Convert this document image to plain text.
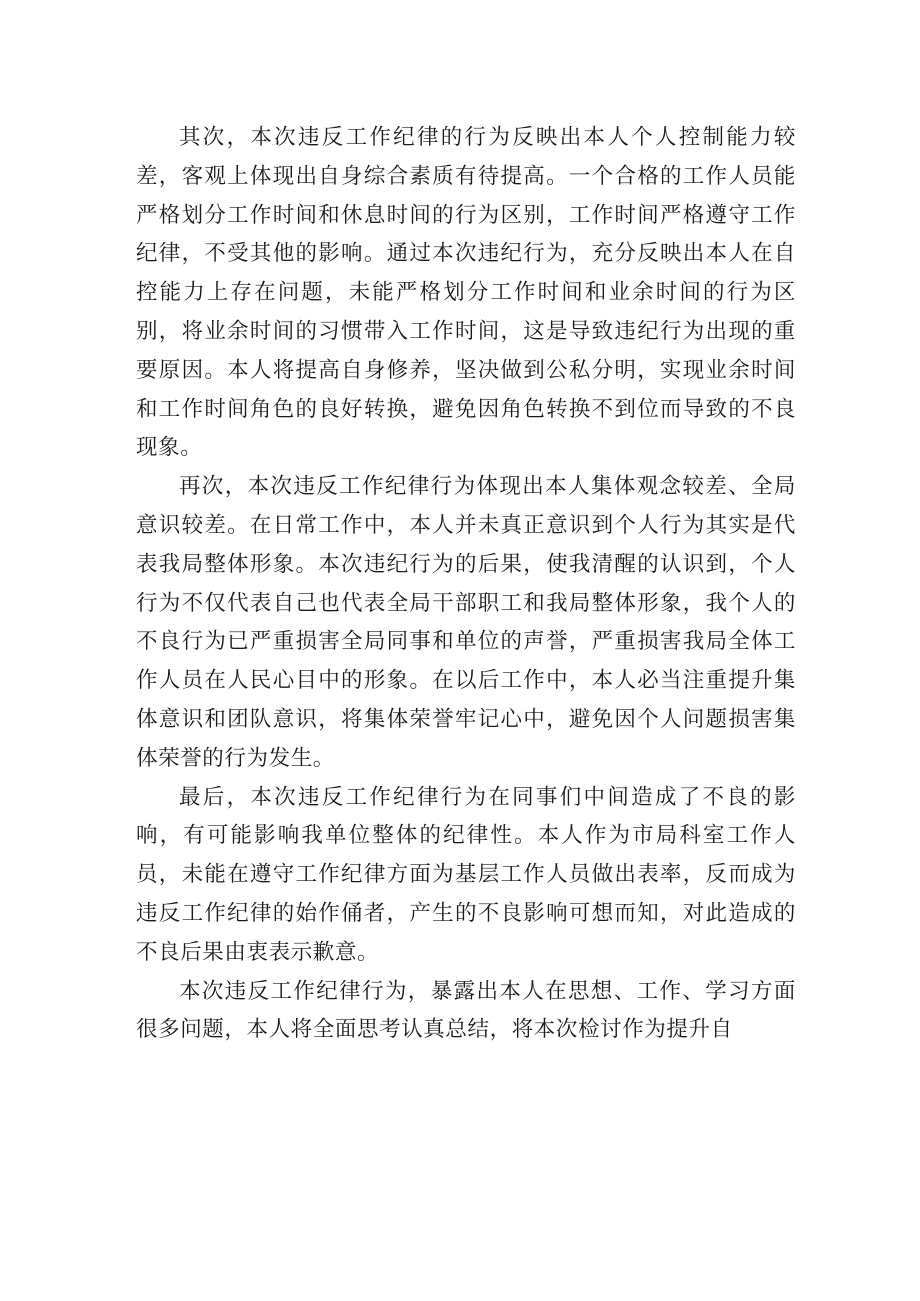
其次，本次违反工作纪律的行为反映出本人个人控制能力较差，客观上体现出自身综合素质有待提高。一个合格的工作人员能严格划分工作时间和休息时间的行为区别，工作时间严格遵守工作纪律，不受其他的影响。通过本次违纪行为，充分反映出本人在自控能力上存在问题，未能严格划分工作时间和业余时间的行为区别，将业余时间的习惯带入工作时间，这是导致违纪行为出现的重要原因。本人将提高自身修养，坚决做到公私分明，实现业余时间和工作时间角色的良好转换，避免因角色转换不到位而导致的不良现象。

再次，本次违反工作纪律行为体现出本人集体观念较差、全局意识较差。在日常工作中，本人并未真正意识到个人行为其实是代表我局整体形象。本次违纪行为的后果，使我清醒的认识到，个人行为不仅代表自己也代表全局干部职工和我局整体形象，我个人的不良行为已严重损害全局同事和单位的声誉，严重损害我局全体工作人员在人民心目中的形象。在以后工作中，本人必当注重提升集体意识和团队意识，将集体荣誉牢记心中，避免因个人问题损害集体荣誉的行为发生。

最后，本次违反工作纪律行为在同事们中间造成了不良的影响，有可能影响我单位整体的纪律性。本人作为市局科室工作人员，未能在遵守工作纪律方面为基层工作人员做出表率，反而成为违反工作纪律的始作俑者，产生的不良影响可想而知，对此造成的不良后果由衷表示歉意。

本次违反工作纪律行为，暴露出本人在思想、工作、学习方面很多问题，本人将全面思考认真总结，将本次检讨作为提升自
